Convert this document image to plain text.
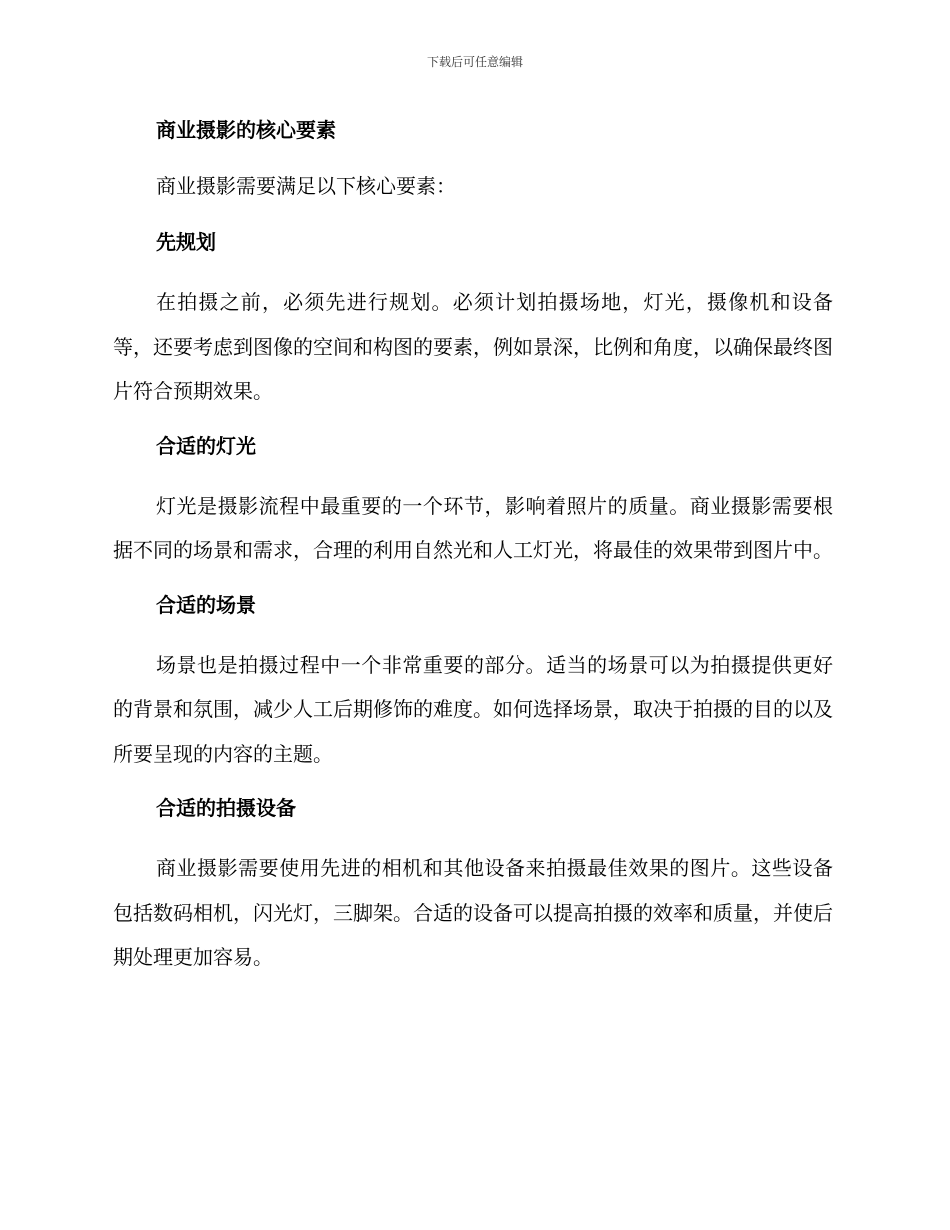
下载后可任意编辑
商业摄影的核心要素
商业摄影需要满足以下核心要素：
先规划
在拍摄之前，必须先进行规划。必须计划拍摄场地，灯光，摄像机和设备等，还要考虑到图像的空间和构图的要素，例如景深，比例和角度，以确保最终图片符合预期效果。
合适的灯光
灯光是摄影流程中最重要的一个环节，影响着照片的质量。商业摄影需要根据不同的场景和需求，合理的利用自然光和人工灯光，将最佳的效果带到图片中。
合适的场景
场景也是拍摄过程中一个非常重要的部分。适当的场景可以为拍摄提供更好的背景和氛围，减少人工后期修饰的难度。如何选择场景，取决于拍摄的目的以及所要呈现的内容的主题。
合适的拍摄设备
商业摄影需要使用先进的相机和其他设备来拍摄最佳效果的图片。这些设备包括数码相机，闪光灯，三脚架。合适的设备可以提高拍摄的效率和质量，并使后期处理更加容易。
